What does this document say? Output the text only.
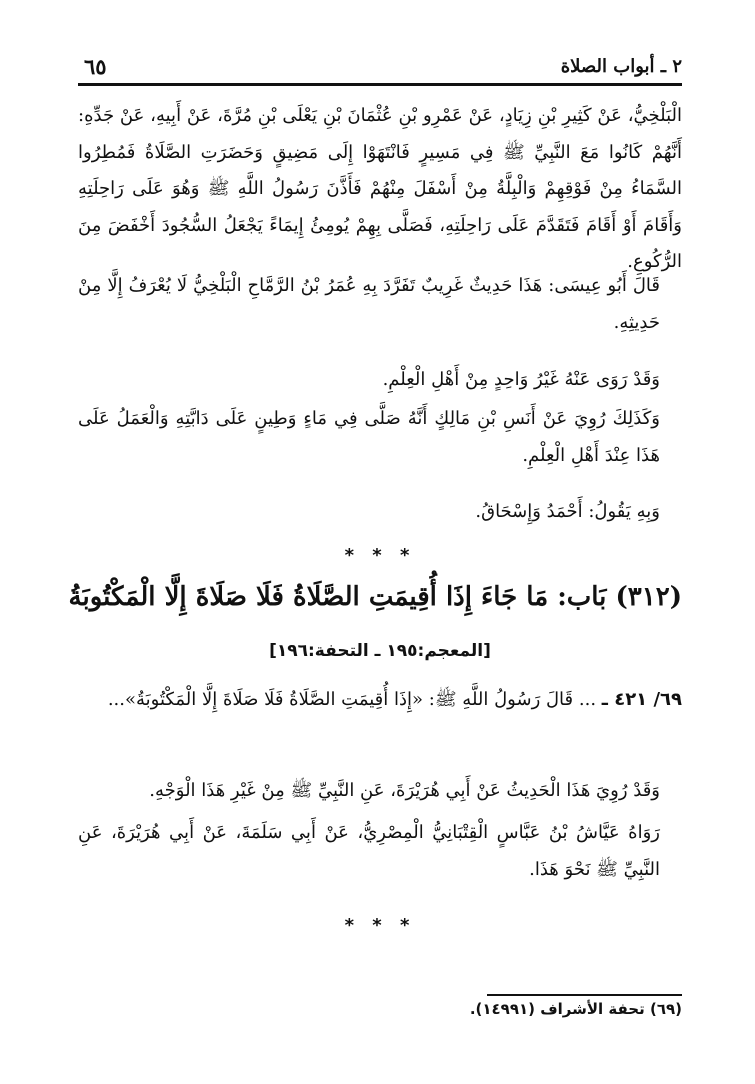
٢ ـ أبواب الصلاة
٦٥
الْبَلْخِيُّ، عَنْ كَثِيرِ بْنِ زِيَادٍ، عَنْ عَمْرِو بْنِ عُثْمَانَ بْنِ يَعْلَى بْنِ مُرَّةَ، عَنْ أَبِيهِ، عَنْ جَدِّهِ: أَنَّهُمْ كَانُوا مَعَ النَّبِيِّ ﷺ فِي مَسِيرٍ فَانْتَهَوْا إِلَى مَضِيقٍ وَحَضَرَتِ الصَّلَاةُ فَمُطِرُوا السَّمَاءُ مِنْ فَوْقِهِمْ وَالْبِلَّةُ مِنْ أَسْفَلَ مِنْهُمْ فَأَذَّنَ رَسُولُ اللَّهِ ﷺ وَهُوَ عَلَى رَاحِلَتِهِ وَأَقَامَ أَوْ أَقَامَ فَتَقَدَّمَ عَلَى رَاحِلَتِهِ، فَصَلَّى بِهِمْ يُومِئُ إِيمَاءً يَجْعَلُ السُّجُودَ أَخْفَضَ مِنَ الرُّكُوعِ.
قَالَ أَبُو عِيسَى: هَذَا حَدِيثٌ غَرِيبٌ تَفَرَّدَ بِهِ عُمَرُ بْنُ الرَّمَّاحِ الْبَلْخِيُّ لَا يُعْرَفُ إِلَّا مِنْ حَدِيثِهِ.
وَقَدْ رَوَى عَنْهُ غَيْرُ وَاحِدٍ مِنْ أَهْلِ الْعِلْمِ.
وَكَذَلِكَ رُوِيَ عَنْ أَنَسِ بْنِ مَالِكٍ أَنَّهُ صَلَّى فِي مَاءٍ وَطِينٍ عَلَى دَابَّتِهِ وَالْعَمَلُ عَلَى هَذَا عِنْدَ أَهْلِ الْعِلْمِ.
وَبِهِ يَقُولُ: أَحْمَدُ وَإِسْحَاقُ.
* * *
(٣١٢) بَاب: مَا جَاءَ إِذَا أُقِيمَتِ الصَّلَاةُ فَلَا صَلَاةَ إِلَّا الْمَكْتُوبَةُ
[المعجم:١٩٥ ـ التحفة:١٩٦]
٦٩/ ٤٢١ ـ ... قَالَ رَسُولُ اللَّهِ ﷺ: «إِذَا أُقِيمَتِ الصَّلَاةُ فَلَا صَلَاةَ إِلَّا الْمَكْتُوبَةُ»...
وَقَدْ رُوِيَ هَذَا الْحَدِيثُ عَنْ أَبِي هُرَيْرَةَ، عَنِ النَّبِيِّ ﷺ مِنْ غَيْرِ هَذَا الْوَجْهِ.
رَوَاهُ عَيَّاشُ بْنُ عَبَّاسٍ الْقِتْبَانِيُّ الْمِصْرِيُّ، عَنْ أَبِي سَلَمَةَ، عَنْ أَبِي هُرَيْرَةَ، عَنِ النَّبِيِّ ﷺ نَحْوَ هَذَا.
* * *
(٦٩) تحفة الأشراف (١٤٩٩١).
